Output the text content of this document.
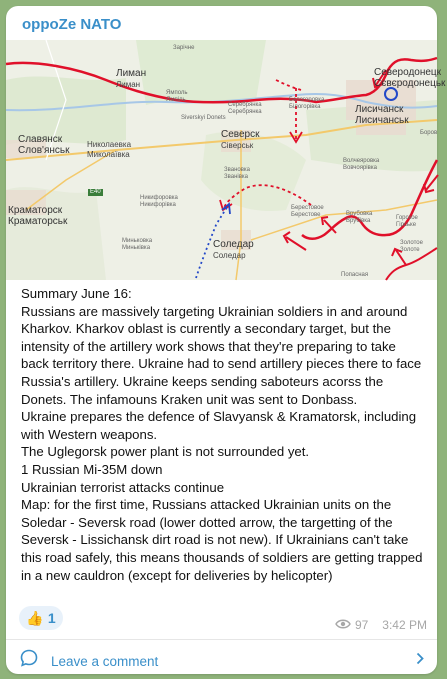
oppoZe NATO
Зарічне
Лиман
Лиман
Ямполь
Ямпіль
Siverskyi Donets
Серебрянка
Серебрянка
Белогоровка
Білогорівка
Северодонецк
Сєвєродонецьк
Лисичанск
Лисичанськ
Славянск
Слов'янськ
Николаевка
Миколаївка
Северск
Сіверськ
Звановка
Званівка
Волчеяровка
Вовчоярівка
Боров
E40
Никифоровка
Никифорівка
Краматорск
Краматорськ
Миньковка
Миньківка
Берестовое
Берестове	Врубовка
Врубівка	Горское
Гірське
Соледар
Соледар
Золотое
Золоте
Попасная
Summary June 16:
Russians are massively targeting Ukrainian soldiers in and around Kharkov. Kharkov oblast is currently a secondary target, but the intensity of the artillery work shows that they're preparing to take back territory there. Ukraine had to send artillery pieces there to face Russia's artillery. Ukraine keeps sending saboteurs acorss the Donets. The infamouns Kraken unit was sent to Donbass.
Ukraine prepares the defence of Slavyansk & Kramatorsk, including with Western weapons.
The Uglegorsk power plant is not surrounded yet.
1 Russian Mi-35M down
Ukrainian terrorist attacks continue
Map: for the first time, Russians attacked Ukrainian units on the Soledar - Seversk road (lower dotted arrow, the targetting of the Seversk - Lissichansk dirt road is not new). If Ukrainians can't take this road safely, this means thousands of soldiers are getting trapped in a new cauldron (except for deliveries by helicopter)
👍 1	97 3:42 PM
Leave a comment
